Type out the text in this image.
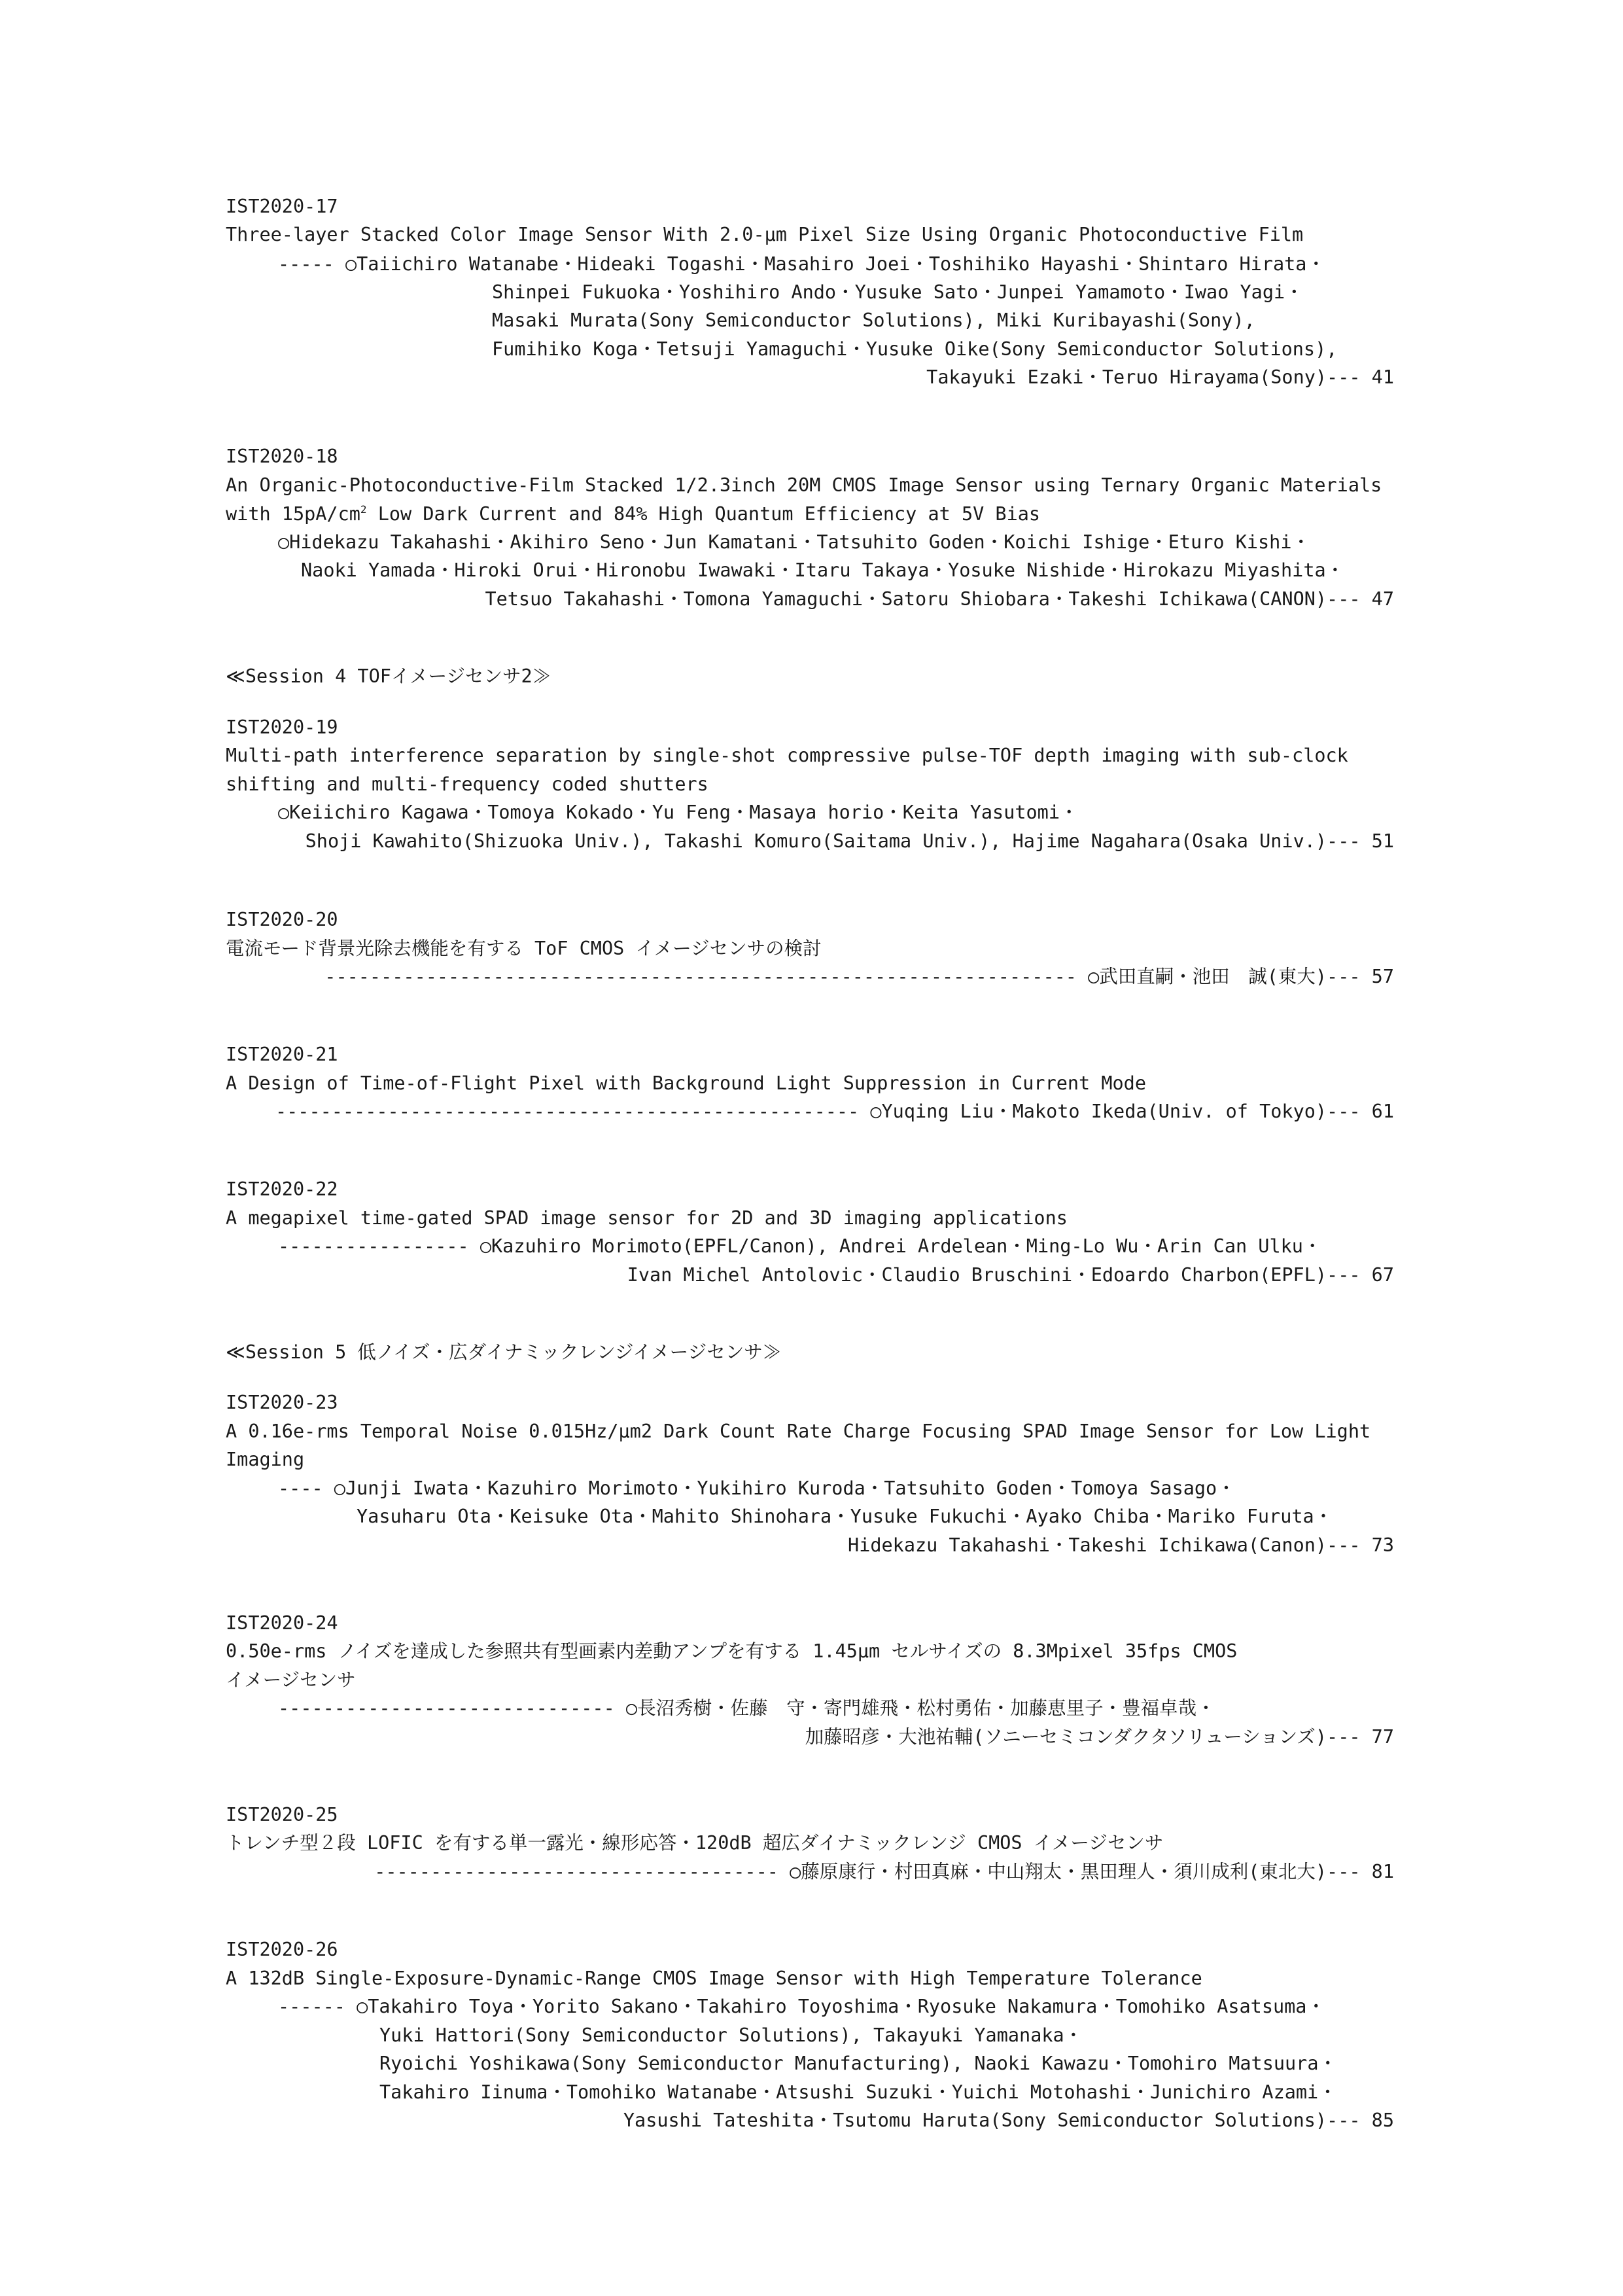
IST2020-17
Three-layer Stacked Color Image Sensor With 2.0-μm Pixel Size Using Organic Photoconductive Film
----- ○Taiichiro Watanabe・Hideaki Togashi・Masahiro Joei・Toshihiko Hayashi・Shintaro Hirata・
Shinpei Fukuoka・Yoshihiro Ando・Yusuke Sato・Junpei Yamamoto・Iwao Yagi・
Masaki Murata(Sony Semiconductor Solutions), Miki Kuribayashi(Sony),
Fumihiko Koga・Tetsuji Yamaguchi・Yusuke Oike(Sony Semiconductor Solutions),
Takayuki Ezaki・Teruo Hirayama(Sony)--- 41
IST2020-18
An Organic-Photoconductive-Film Stacked 1/2.3inch 20M CMOS Image Sensor using Ternary Organic Materials
with $15pA/cm^2$ Low Dark Current and 84% High Quantum Efficiency at 5V Bias
○Hidekazu Takahashi・Akihiro Seno・Jun Kamatani・Tatsuhito Goden・Koichi Ishige・Eturo Kishi・
Naoki Yamada・Hiroki Orui・Hironobu Iwawaki・Itaru Takaya・Yosuke Nishide・Hirokazu Miyashita・
Tetsuo Takahashi・Tomona Yamaguchi・Satoru Shiobara・Takeshi Ichikawa(CANON)--- 47
≪Session 4 TOFイメージセンサ2≫
IST2020-19
Multi-path interference separation by single-shot compressive pulse-TOF depth imaging with sub-clock
shifting and multi-frequency coded shutters
○Keiichiro Kagawa・Tomoya Kokado・Yu Feng・Masaya horio・Keita Yasutomi・
Shoji Kawahito(Shizuoka Univ.), Takashi Komuro(Saitama Univ.), Hajime Nagahara(Osaka Univ.)--- 51
IST2020-20
電流モード背景光除去機能を有する ToF CMOS イメージセンサの検討
------------------------------------------------------------------- ○武田直嗣・池田　誠(東大)--- 57
IST2020-21
A Design of Time-of-Flight Pixel with Background Light Suppression in Current Mode
---------------------------------------------------- ○Yuqing Liu・Makoto Ikeda(Univ. of Tokyo)--- 61
IST2020-22
A megapixel time-gated SPAD image sensor for 2D and 3D imaging applications
----------------- ○Kazuhiro Morimoto(EPFL/Canon), Andrei Ardelean・Ming-Lo Wu・Arin Can Ulku・
Ivan Michel Antolovic・Claudio Bruschini・Edoardo Charbon(EPFL)--- 67
≪Session 5 低ノイズ・広ダイナミックレンジイメージセンサ≫
IST2020-23
A 0.16e-rms Temporal Noise 0.015Hz/μm2 Dark Count Rate Charge Focusing SPAD Image Sensor for Low Light
Imaging
---- ○Junji Iwata・Kazuhiro Morimoto・Yukihiro Kuroda・Tatsuhito Goden・Tomoya Sasago・
Yasuharu Ota・Keisuke Ota・Mahito Shinohara・Yusuke Fukuchi・Ayako Chiba・Mariko Furuta・
Hidekazu Takahashi・Takeshi Ichikawa(Canon)--- 73
IST2020-24
0.50e-rms ノイズを達成した参照共有型画素内差動アンプを有する 1.45μm セルサイズの 8.3Mpixel 35fps CMOS
イメージセンサ
------------------------------ ○長沼秀樹・佐藤　守・寄門雄飛・松村勇佑・加藤恵里子・豊福卓哉・
加藤昭彦・大池祐輔(ソニーセミコンダクタソリューションズ)--- 77
IST2020-25
トレンチ型２段 LOFIC を有する単一露光・線形応答・120dB 超広ダイナミックレンジ CMOS イメージセンサ
------------------------------------ ○藤原康行・村田真麻・中山翔太・黒田理人・須川成利(東北大)--- 81
IST2020-26
A 132dB Single-Exposure-Dynamic-Range CMOS Image Sensor with High Temperature Tolerance
------ ○Takahiro Toya・Yorito Sakano・Takahiro Toyoshima・Ryosuke Nakamura・Tomohiko Asatsuma・
Yuki Hattori(Sony Semiconductor Solutions), Takayuki Yamanaka・
Ryoichi Yoshikawa(Sony Semiconductor Manufacturing), Naoki Kawazu・Tomohiro Matsuura・
Takahiro Iinuma・Tomohiko Watanabe・Atsushi Suzuki・Yuichi Motohashi・Junichiro Azami・
Yasushi Tateshita・Tsutomu Haruta(Sony Semiconductor Solutions)--- 85
